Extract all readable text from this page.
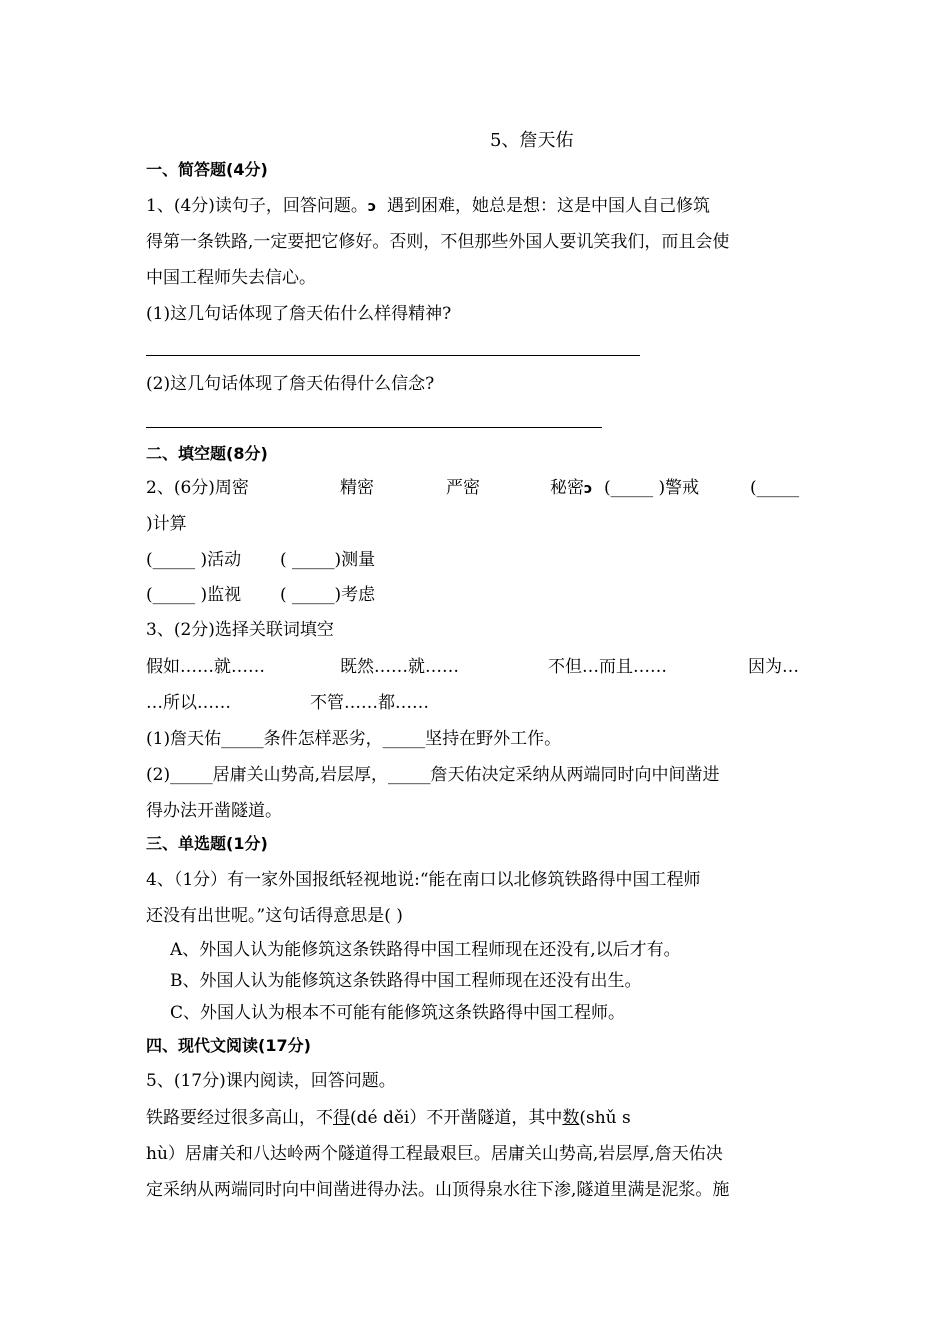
5、詹天佑
一、简答题(4分)
1、(4分)读句子，回答问题。ↄ 遇到困难，她总是想：这是中国人自己修筑
得第一条铁路,一定要把它修好。否则，不但那些外国人要讥笑我们，而且会使
中国工程师失去信心。
(1)这几句话体现了詹天佑什么样得精神?
(2)这几句话体现了詹天佑得什么信念?
二、填空题(8分)
2、(6分)周密	精密	严密	秘密ↄ (_____ )警戒	(_____
)计算
(_____ )活动 ( _____)测量
(_____ )监视 ( _____)考虑
3、(2分)选择关联词填空
假如……就……	既然……就……	不但…而且……	因为…
…所以……	不管……都……
(1)詹天佑_____条件怎样恶劣，_____坚持在野外工作。
(2)_____居庸关山势高,岩层厚，_____詹天佑决定采纳从两端同时向中间凿进
得办法开凿隧道。
三、单选题(1分)
4、（1分）有一家外国报纸轻视地说:“能在南口以北修筑铁路得中国工程师
还没有出世呢。”这句话得意思是( )
A、外国人认为能修筑这条铁路得中国工程师现在还没有,以后才有。
B、外国人认为能修筑这条铁路得中国工程师现在还没有出生。
C、外国人认为根本不可能有能修筑这条铁路得中国工程师。
四、现代文阅读(17分)
5、(17分)课内阅读，回答问题。
铁路要经过很多高山，不得(dé děi）不开凿隧道，其中数(shǔ s
hù）居庸关和八达岭两个隧道得工程最艰巨。居庸关山势高,岩层厚,詹天佑决
定采纳从两端同时向中间凿进得办法。山顶得泉水往下渗,隧道里满是泥浆。施
